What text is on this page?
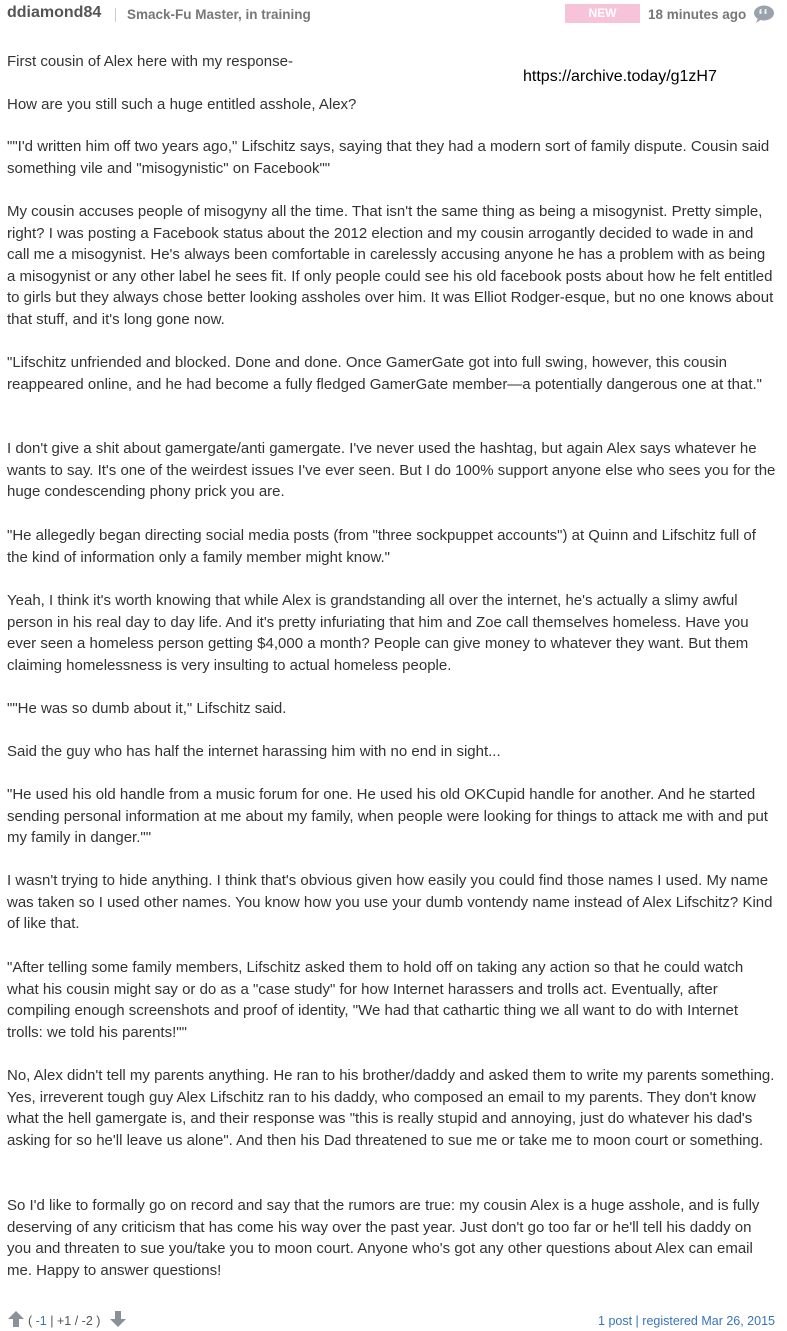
ddiamond84 Smack-Fu Master, in training	NEW POSTER
18 minutes ago
https://archive.today/g1zH7

First cousin of Alex here with my response-

How are you still such a huge entitled asshole, Alex?

""I'd written him off two years ago," Lifschitz says, saying that they had a modern sort of family dispute. Cousin said something vile and "misogynistic" on Facebook""

My cousin accuses people of misogyny all the time. That isn't the same thing as being a misogynist. Pretty simple, right? I was posting a Facebook status about the 2012 election and my cousin arrogantly decided to wade in and call me a misogynist. He's always been comfortable in carelessly accusing anyone he has a problem with as being a misogynist or any other label he sees fit. If only people could see his old facebook posts about how he felt entitled to girls but they always chose better looking assholes over him. It was Elliot Rodger-esque, but no one knows about that stuff, and it's long gone now.

"Lifschitz unfriended and blocked. Done and done. Once GamerGate got into full swing, however, this cousin reappeared online, and he had become a fully fledged GamerGate member—a potentially dangerous one at that."

I don't give a shit about gamergate/anti gamergate. I've never used the hashtag, but again Alex says whatever he wants to say. It's one of the weirdest issues I've ever seen. But I do 100% support anyone else who sees you for the huge condescending phony prick you are.

"He allegedly began directing social media posts (from "three sockpuppet accounts") at Quinn and Lifschitz full of the kind of information only a family member might know."

Yeah, I think it's worth knowing that while Alex is grandstanding all over the internet, he's actually a slimy awful person in his real day to day life. And it's pretty infuriating that him and Zoe call themselves homeless. Have you ever seen a homeless person getting $4,000 a month? People can give money to whatever they want. But them claiming homelessness is very insulting to actual homeless people.

""He was so dumb about it," Lifschitz said.

Said the guy who has half the internet harassing him with no end in sight...

"He used his old handle from a music forum for one. He used his old OKCupid handle for another. And he started sending personal information at me about my family, when people were looking for things to attack me with and put my family in danger.""

I wasn't trying to hide anything. I think that's obvious given how easily you could find those names I used. My name was taken so I used other names. You know how you use your dumb vontendy name instead of Alex Lifschitz? Kind of like that.

"After telling some family members, Lifschitz asked them to hold off on taking any action so that he could watch what his cousin might say or do as a "case study" for how Internet harassers and trolls act. Eventually, after compiling enough screenshots and proof of identity, "We had that cathartic thing we all want to do with Internet trolls: we told his parents!""

No, Alex didn't tell my parents anything. He ran to his brother/daddy and asked them to write my parents something. Yes, irreverent tough guy Alex Lifschitz ran to his daddy, who composed an email to my parents. They don't know what the hell gamergate is, and their response was "this is really stupid and annoying, just do whatever his dad's asking for so he'll leave us alone". And then his Dad threatened to sue me or take me to moon court or something.

So I'd like to formally go on record and say that the rumors are true: my cousin Alex is a huge asshole, and is fully deserving of any criticism that has come his way over the past year. Just don't go too far or he'll tell his daddy on you and threaten to sue you/take you to moon court. Anyone who's got any other questions about Alex can email me. Happy to answer questions!

( -1 | +1 / -2 )	1 post | registered Mar 26, 2015
